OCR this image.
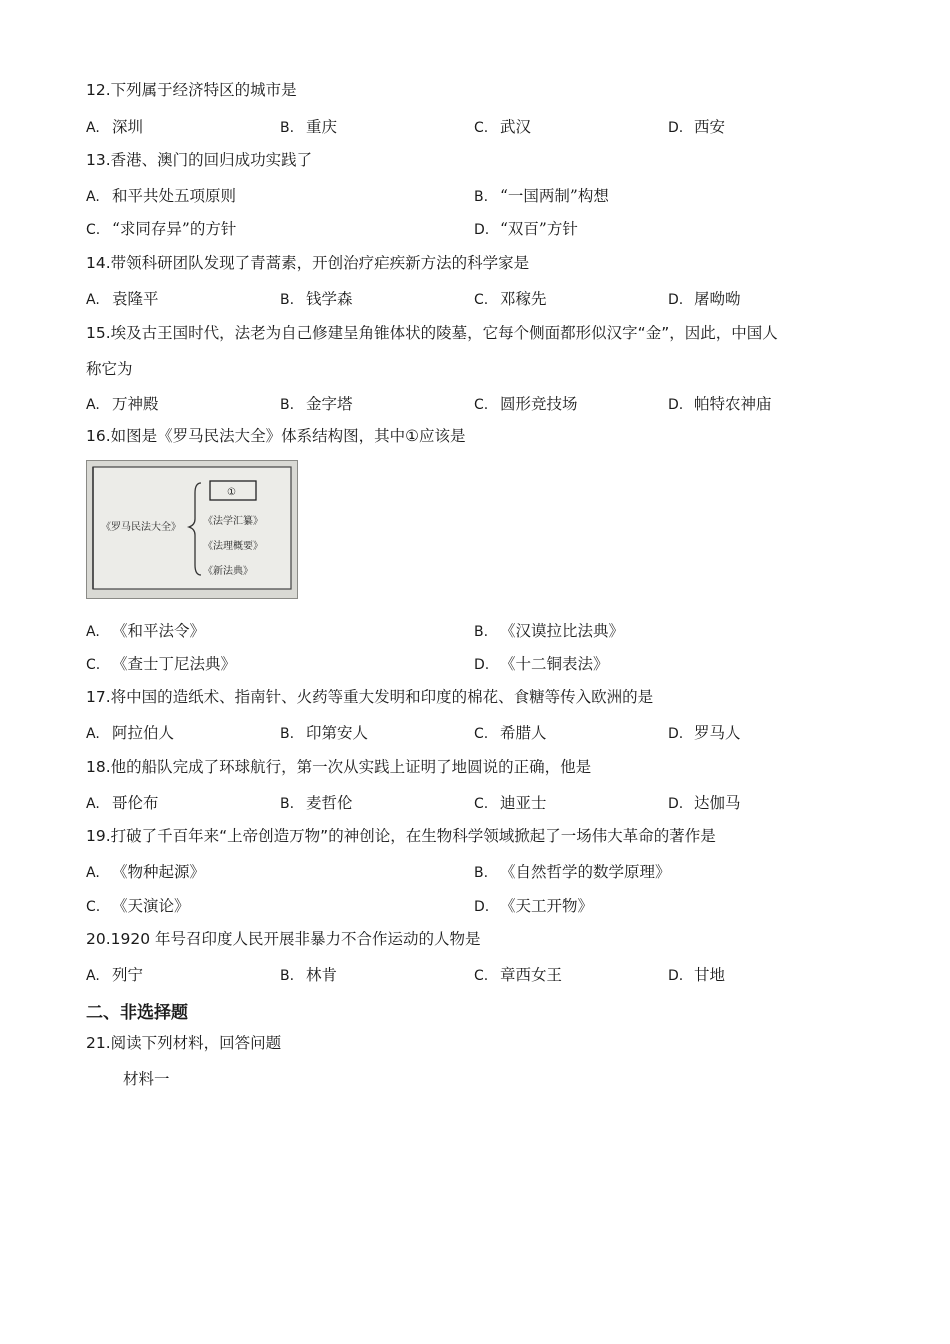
12.下列属于经济特区的城市是
A. 深圳	B. 重庆	C. 武汉	D. 西安
13.香港、澳门的回归成功实践了
A. 和平共处五项原则	B. “一国两制”构想
C. “求同存异”的方针	D. “双百”方针
14.带领科研团队发现了青蒿素，开创治疗疟疾新方法的科学家是
A. 袁隆平	B. 钱学森	C. 邓稼先	D. 屠呦呦
15.埃及古王国时代，法老为自己修建呈角锥体状的陵墓，它每个侧面都形似汉字“金”，因此，中国人
称它为
A. 万神殿	B. 金字塔	C. 圆形竞技场	D. 帕特农神庙
16.如图是《罗马民法大全》体系结构图，其中①应该是
①
《罗马民法大全》
《法学汇纂》
《法理概要》
《新法典》
A. 《和平法令》	B. 《汉谟拉比法典》
C. 《查士丁尼法典》	D. 《十二铜表法》
17.将中国的造纸术、指南针、火药等重大发明和印度的棉花、食糖等传入欧洲的是
A. 阿拉伯人	B. 印第安人	C. 希腊人	D. 罗马人
18.他的船队完成了环球航行，第一次从实践上证明了地圆说的正确，他是
A. 哥伦布	B. 麦哲伦	C. 迪亚士	D. 达伽马
19.打破了千百年来“上帝创造万物”的神创论，在生物科学领域掀起了一场伟大革命的著作是
A. 《物种起源》	B. 《自然哲学的数学原理》
C. 《天演论》	D. 《天工开物》
20.1920 年号召印度人民开展非暴力不合作运动的人物是
A. 列宁	B. 林肯	C. 章西女王	D. 甘地
二、非选择题
21.阅读下列材料，回答问题
材料一
